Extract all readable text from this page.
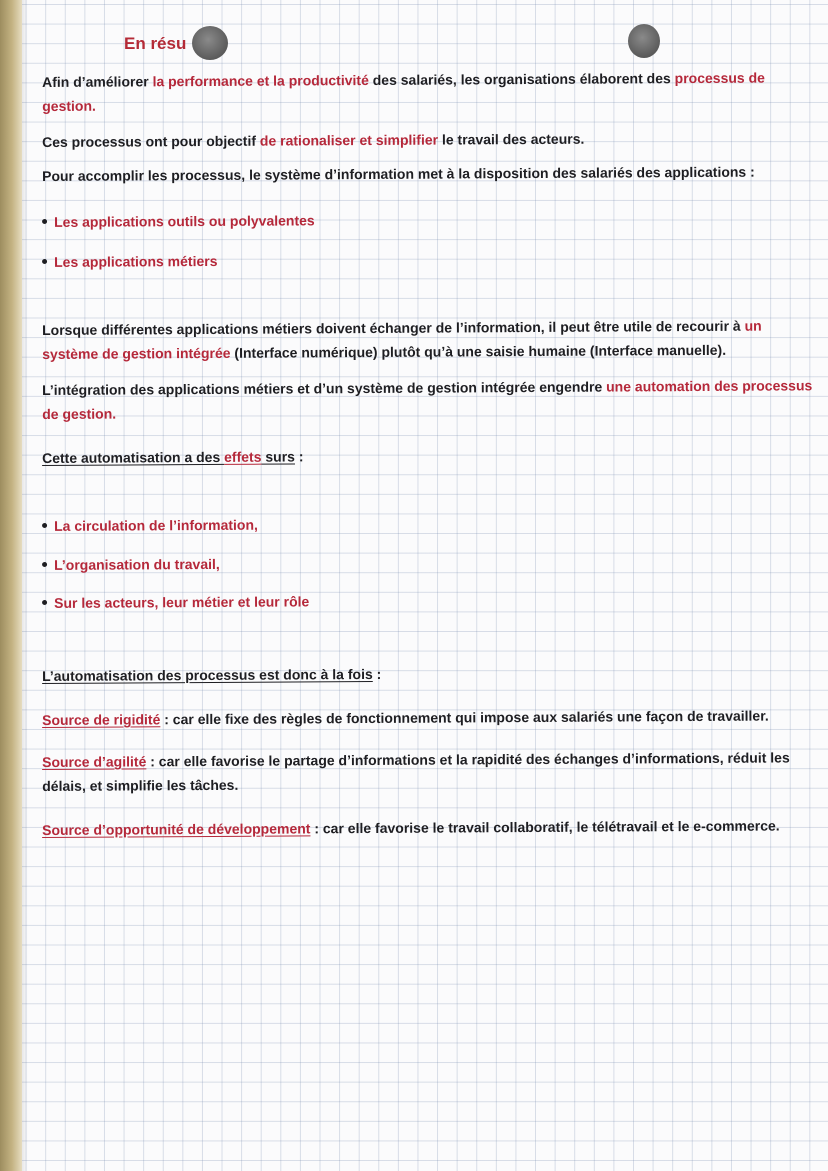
En résu
Afin d’améliorer la performance et la productivité des salariés, les organisations élaborent des processus de gestion.
Ces processus ont pour objectif de rationaliser et simplifier le travail des acteurs.
Pour accomplir les processus, le système d’information met à la disposition des salariés des applications :
Les applications outils ou polyvalentes
Les applications métiers
Lorsque différentes applications métiers doivent échanger de l’information, il peut être utile de recourir à un système de gestion intégrée (Interface numérique) plutôt qu’à une saisie humaine (Interface manuelle).
L’intégration des applications métiers et d’un système de gestion intégrée engendre une automation des processus de gestion.
Cette automatisation a des effets surs :
La circulation de l’information,
L’organisation du travail,
Sur les acteurs, leur métier et leur rôle
L’automatisation des processus est donc à la fois :
Source de rigidité : car elle fixe des règles de fonctionnement qui impose aux salariés une façon de travailler.
Source d’agilité : car elle favorise le partage d’informations et la rapidité des échanges d’informations, réduit les délais, et simplifie les tâches.
Source d’opportunité de développement : car elle favorise le travail collaboratif, le télétravail et le e-commerce.
